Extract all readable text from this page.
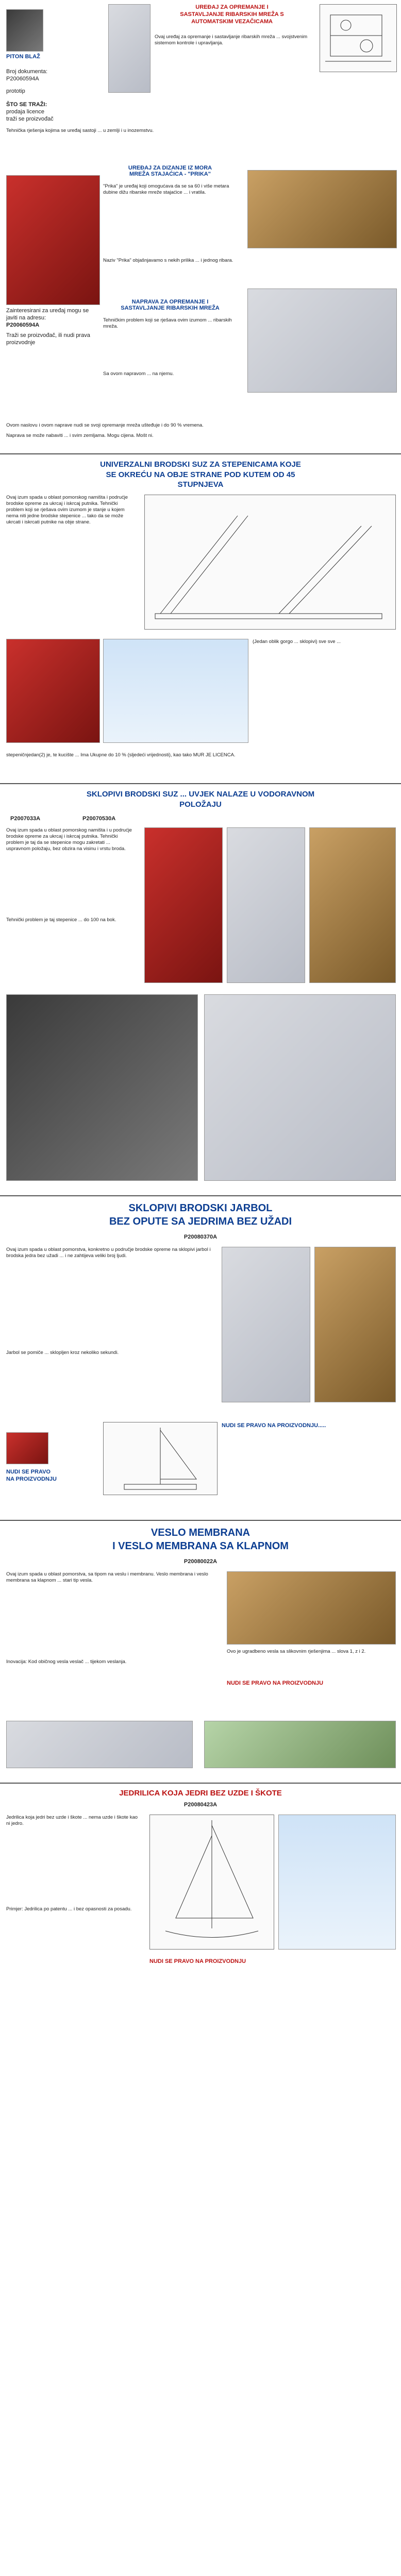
UREĐAJ ZA OPREMANJE I
SASTAVLJANJE RIBARSKIH MREŽA S
AUTOMATSKIM VEZAČICAMA
PITON BLAŽ
Broj dokumenta:
P20060594A
prototip
ŠTO SE TRAŽI:
prodaja licence
traži se proizvođač
Ovaj uređaj za opremanje i sastavljanje ribarskih mreža ... svojstvenim sistemom kontrole i upravljanja.
Tehnička rješenja kojima se uređaj sastoji ... u zemlji i u inozemstvu.
Zainteresirani za uređaj mogu se javiti na adresu:
P20060594A
Traži se proizvođač, ili nudi prava proizvodnje
UREĐAJ ZA DIZANJE IZ MORA
MREŽA STAJAĆICA - "PRIKA"
"Prika" je uređaj koji omogućava da se sa 60 i više metara dubine dižu ribarske mreže stajaćice ... i vratila.
Naziv "Prika" objašnjavamo s nekih prilika ... i jednog ribara.
NAPRAVA ZA OPREMANJE I
SASTAVLJANJE RIBARSKIH MREŽA
Tehničkim problem koji se rješava ovim izumom ... ribarskih mreža.
Sa ovom napravom ... na njemu.
Ovom naslovu i ovom naprave nudi se svoji opremanje mreža ušteđuje i do 90 % vremena.
Naprava se može nabaviti ... i svim zemljama. Mogu cijena. Mošt ni.
UNIVERZALNI BRODSKI SUZ ZA STEPENICAMA KOJE
SE OKREĆU NA OBJE STRANE POD KUTEM OD 45
STUPNJEVA
Ovaj izum spada u oblast pomorskog namišta i podrućje brodske opreme za ukrcaj i iskrcaj putnika. Tehnički problem koji se rješava ovim izumom je stanje u kojem nema niti jedne brodske stepenice ... tako da se može ukrcati i iskrcati putnike na obje strane.
(Jedan oblik gorgo ... sklopivi) sve sve ...
stepeničnjedan(2) je, te kucište ... Ima Ukupne do 10 % (sljedeći vrijednosti), kao tako MUR JE LICENCA.
SKLOPIVI BRODSKI SUZ ... UVJEK NALAZE U VODORAVNOM
POLOŽAJU
P2007033A	P20070530A
Ovaj izum spada u oblast pomorskog namišta i u podrućje brodske opreme za ukrcaj i iskrcaj putnika. Tehnički problem je taj da se stepenice mogu zakretati ... uspravnom položaju, bez obzira na visinu i vrstu broda.
Tehnički problem je taj stepenice ... do 100 na bok.
SKLOPIVI BRODSKI JARBOL
BEZ OPUTE SA JEDRIMA BEZ UŽADI
P20080370A
Ovaj izum spada u oblast pomorstva, konkretno u područje brodske opreme na sklopivi jarbol i brodska jedra bez užadi ... i ne zahtijeva veliki broj ljudi.
Jarbol se pomiče ... sklopljen kroz nekoliko sekundi.
NUDI SE PRAVO NA PROIZVODNJU
NUDI SE PRAVO NA PROIZVODNJU.....
VESLO MEMBRANA
I VESLO MEMBRANA SA KLAPNOM
P20080022A
Ovaj izum spada u oblast pomorstva, sa tipom na veslu i membranu. Veslo membrana i veslo membrana sa klapnom ... stari tip vesla.
Inovacija: Kod običnog vesla veslač ... tijekom veslanja.
Ovo je ugradbeno vesla sa slikovnim rješenjima ... slova 1, z i 2.
NUDI SE PRAVO NA PROIZVODNJU
JEDRILICA KOJA JEDRI BEZ UZDE I ŠKOTE
P20080423A
Jedrilica koja jedri bez uzde i škote ... nema uzde i škote kao ni jedro.
Primjer: Jedrilica po patentu ... i bez opasnosti za posadu.
NUDI SE PRAVO NA PROIZVODNJU
